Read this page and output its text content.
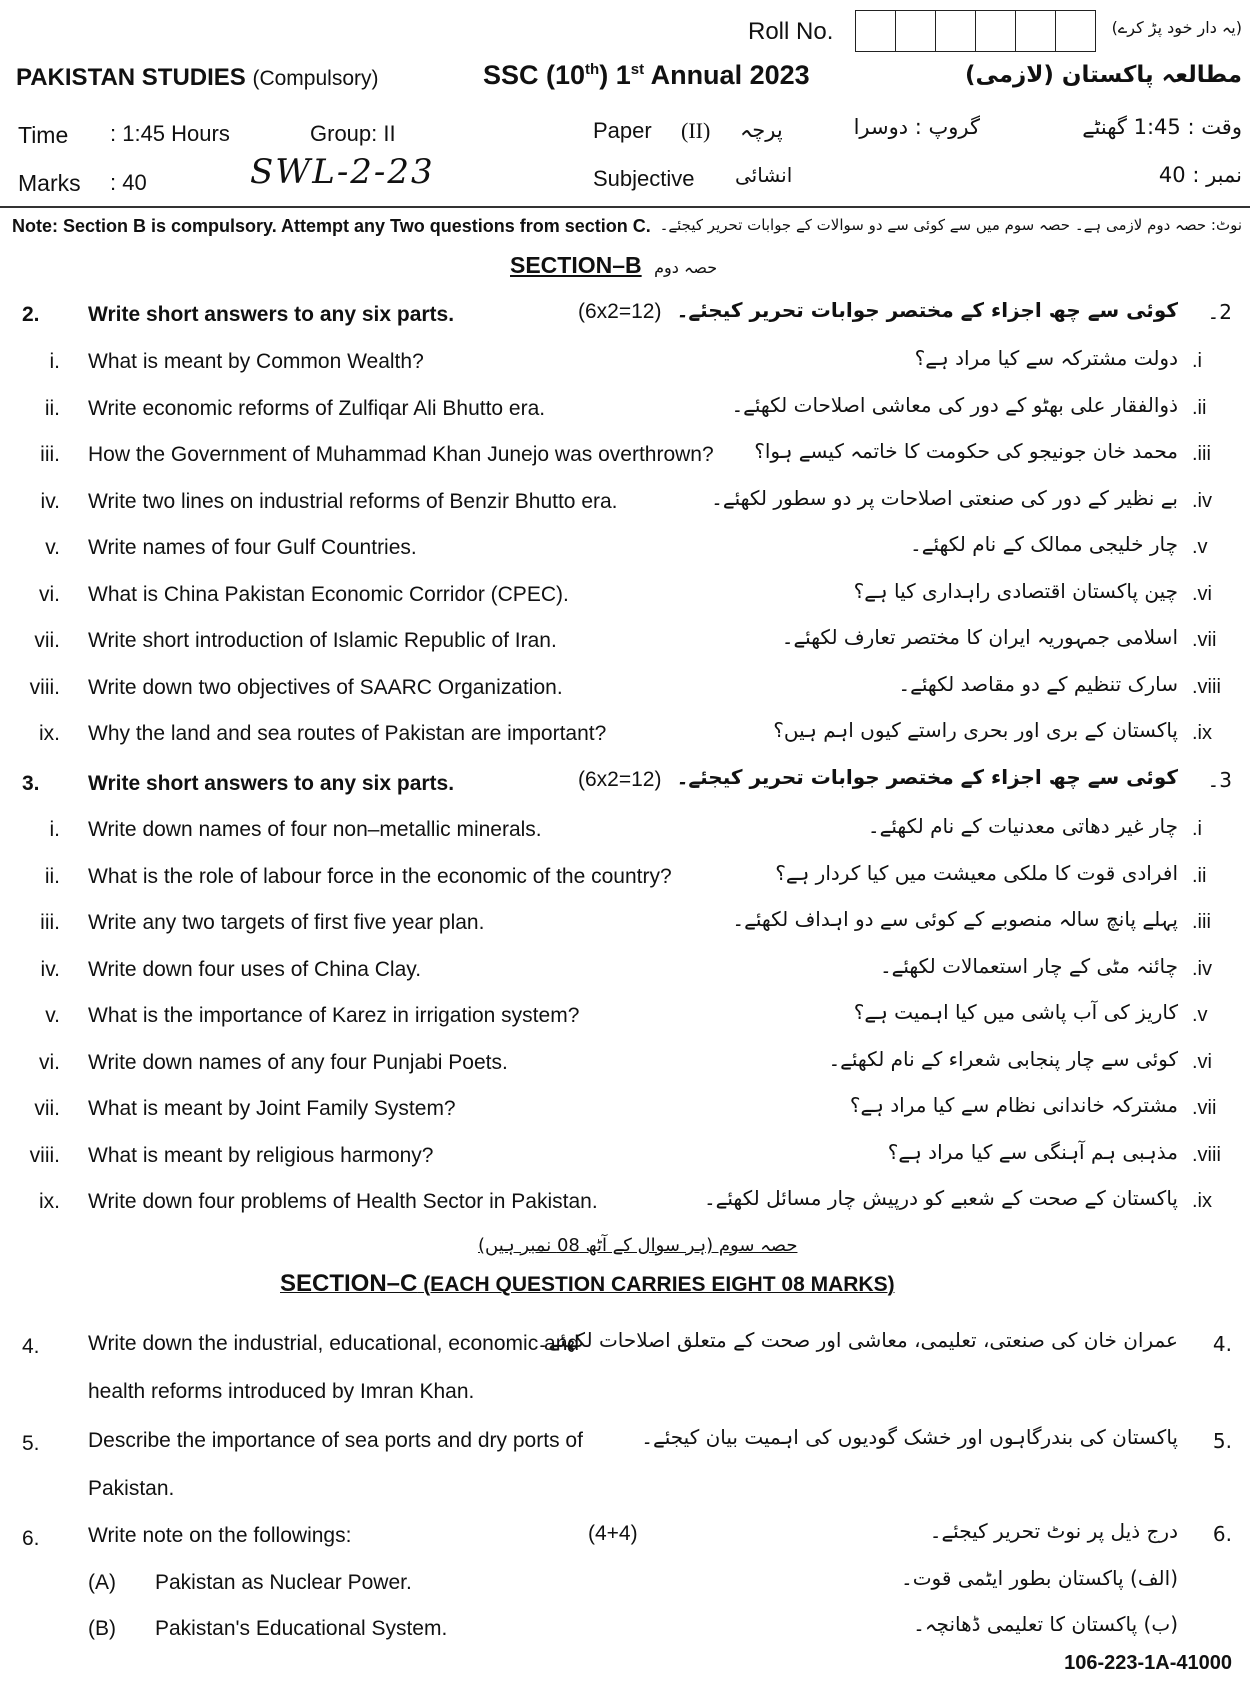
Roll No.	(یہ دار خود پڑ کرے)
PAKISTAN STUDIES (Compulsory)	SSC (10th) 1st Annual 2023	مطالعہ پاکستان (لازمی)
Time : 1:45 Hours	Group: II	Paper (II) پرچہ	گروپ : دوسرا	وقت : 1:45 گھنٹے
Marks : 40	SWL-2-23	Subjective انشائی	نمبر : 40
Note: Section B is compulsory. Attempt any Two questions from section C. نوٹ: حصہ دوم لازمی ہے۔ حصہ سوم میں سے کوئی سے دو سوالات کے جوابات تحریر کیجئے۔
SECTION–B حصہ دوم
2. Write short answers to any six parts.	(6x2=12) کوئی سے چھ اجزاء کے مختصر جوابات تحریر کیجئے۔ 2۔
i. What is meant by Common Wealth?	دولت مشترکہ سے کیا مراد ہے؟ .i
ii. Write economic reforms of Zulfiqar Ali Bhutto era.	ذوالفقار علی بھٹو کے دور کی معاشی اصلاحات لکھئے۔ .ii
iii. How the Government of Muhammad Khan Junejo was overthrown? محمد خان جونیجو کی حکومت کا خاتمہ کیسے ہوا؟ .iii
iv. Write two lines on industrial reforms of Benzir Bhutto era.	بے نظیر کے دور کی صنعتی اصلاحات پر دو سطور لکھئے۔ .iv
v. Write names of four Gulf Countries.	چار خلیجی ممالک کے نام لکھئے۔ .v
vi. What is China Pakistan Economic Corridor (CPEC).	چین پاکستان اقتصادی راہداری کیا ہے؟ .vi
vii. Write short introduction of Islamic Republic of Iran.	اسلامی جمہوریہ ایران کا مختصر تعارف لکھئے۔ .vii
viii. Write down two objectives of SAARC Organization.	سارک تنظیم کے دو مقاصد لکھئے۔ .viii
ix. Why the land and sea routes of Pakistan are important?	پاکستان کے بری اور بحری راستے کیوں اہم ہیں؟ .ix
3. Write short answers to any six parts.	(6x2=12) کوئی سے چھ اجزاء کے مختصر جوابات تحریر کیجئے۔ 3۔
i. Write down names of four non–metallic minerals.	چار غیر دھاتی معدنیات کے نام لکھئے۔ .i
ii. What is the role of labour force in the economic of the country?	افرادی قوت کا ملکی معیشت میں کیا کردار ہے؟ .ii
iii. Write any two targets of first five year plan.	پہلے پانچ سالہ منصوبے کے کوئی سے دو اہداف لکھئے۔ .iii
iv. Write down four uses of China Clay.	چائنہ مٹی کے چار استعمالات لکھئے۔ .iv
v. What is the importance of Karez in irrigation system?	کاریز کی آب پاشی میں کیا اہمیت ہے؟ .v
vi. Write down names of any four Punjabi Poets.	کوئی سے چار پنجابی شعراء کے نام لکھئے۔ .vi
vii. What is meant by Joint Family System?	مشترکہ خاندانی نظام سے کیا مراد ہے؟ .vii
viii. What is meant by religious harmony?	مذہبی ہم آہنگی سے کیا مراد ہے؟ .viii
ix. Write down four problems of Health Sector in Pakistan.	پاکستان کے صحت کے شعبے کو درپیش چار مسائل لکھئے۔ .ix
حصہ سوم (ہر سوال کے آٹھ 08 نمبر ہیں)
SECTION–C (EACH QUESTION CARRIES EIGHT 08 MARKS)
4. Write down the industrial, educational, economic and
health reforms introduced by Imran Khan.
عمران خان کی صنعتی، تعلیمی، معاشی اور صحت کے متعلق اصلاحات لکھئے۔ .4
5. Describe the importance of sea ports and dry ports of
Pakistan.
پاکستان کی بندرگاہوں اور خشک گودیوں کی اہمیت بیان کیجئے۔ .5
6. Write note on the followings:	(4+4)	درج ذیل پر نوٹ تحریر کیجئے۔ .6
(A) Pakistan as Nuclear Power.	(الف) پاکستان بطور ایٹمی قوت۔
(B) Pakistan's Educational System.	(ب) پاکستان کا تعلیمی ڈھانچہ۔
106-223-1A-41000
